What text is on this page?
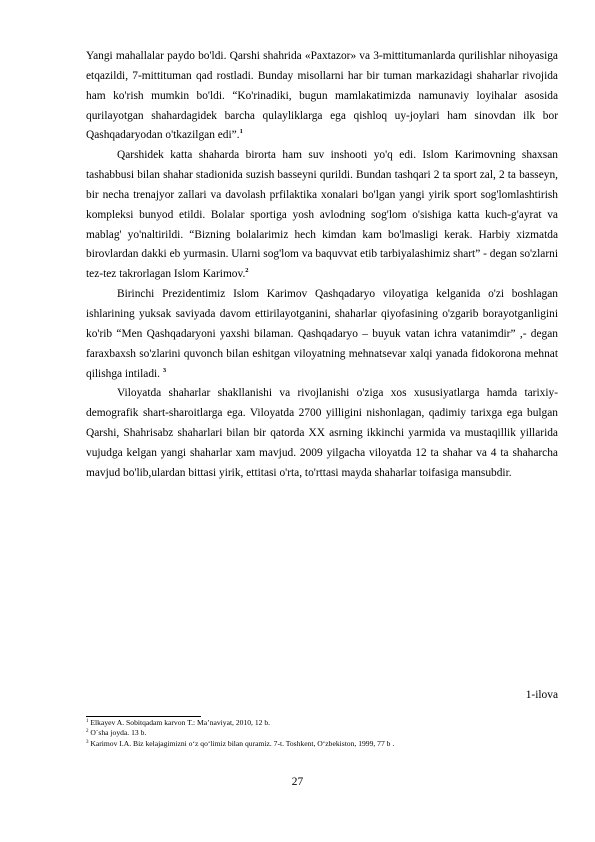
Yangi mahallalar paydo bo'ldi. Qarshi shahrida «Paxtazor» va 3-mittitumanlarda qurilishlar nihoyasiga etqazildi, 7-mittituman qad rostladi. Bunday misollarni har bir tuman markazidagi shaharlar rivojida ham ko'rish mumkin bo'ldi. “Ko'rinadiki, bugun mamlakatimizda namunaviy loyihalar asosida qurilayotgan shahardagidek barcha qulayliklarga ega qishloq uy-joylari ham sinovdan ilk bor Qashqadaryodan o'tkazilgan edi”.$^1$

Qarshidek katta shaharda birorta ham suv inshooti yo'q edi. Islom Karimovning shaxsan tashabbusi bilan shahar stadionida suzish basseyni qurildi. Bundan tashqari 2 ta sport zal, 2 ta basseyn, bir necha trenajyor zallari va davolash prfilaktika xonalari bo'lgan yangi yirik sport sog'lomlashtirish kompleksi bunyod etildi. Bolalar sportiga yosh avlodning sog'lom o'sishiga katta kuch-g'ayrat va mablag' yo'naltirildi. “Bizning bolalarimiz hech kimdan kam bo'lmasligi kerak. Harbiy xizmatda birovlardan dakki eb yurmasin. Ularni sog'lom va baquvvat etib tarbiyalashimiz shart” - degan so'zlarni tez-tez takrorlagan Islom Karimov.$^2$

Birinchi Prezidentimiz Islom Karimov Qashqadaryo viloyatiga kelganida o'zi boshlagan ishlarining yuksak saviyada davom ettirilayotganini, shaharlar qiyofasining o'zgarib borayotganligini ko'rib “Men Qashqadaryoni yaxshi bilaman. Qashqadaryo – buyuk vatan ichra vatanimdir” ,- degan faraxbaxsh so'zlarini quvonch bilan eshitgan viloyatning mehnatsevar xalqi yanada fidokorona mehnat qilishga intiladi. $^3$

Viloyatda shaharlar shakllanishi va rivojlanishi o'ziga xos xususiyatlarga hamda tarixiy-demografik shart-sharoitlarga ega. Viloyatda 2700 yilligini nishonlagan, qadimiy tarixga ega bulgan Qarshi, Shahrisabz shaharlari bilan bir qatorda XX asrning ikkinchi yarmida va mustaqillik yillarida vujudga kelgan yangi shaharlar xam mavjud. 2009 yilgacha viloyatda 12 ta shahar va 4 ta shaharcha mavjud bo'lib,ulardan bittasi yirik, ettitasi o'rta, to'rttasi mayda shaharlar toifasiga mansubdir.

1-ilova

$^1$ Elkayev A. Sobitqadam karvon T.: Ma’naviyat, 2010, 12 b.

$^2$ O`sha joyda. 13 b.

$^3$ Karimov I.A. Biz kelajagimizni o‘z qo‘limiz bilan quramiz. 7-t. Toshkent, O‘zbekiston, 1999, 77 b .

27
